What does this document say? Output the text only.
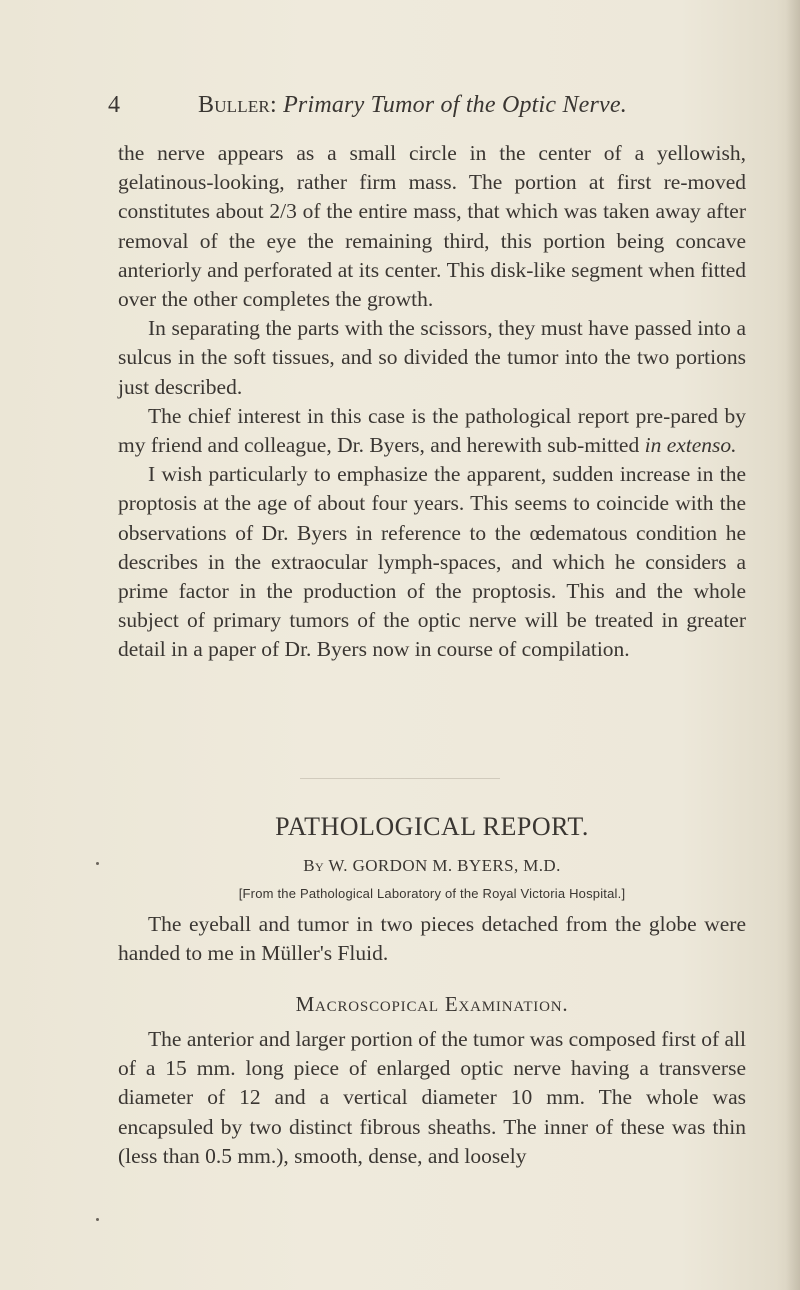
4	Buller: Primary Tumor of the Optic Nerve.

the nerve appears as a small circle in the center of a yellowish, gelatinous-looking, rather firm mass. The portion at first re-moved constitutes about 2/3 of the entire mass, that which was taken away after removal of the eye the remaining third, this portion being concave anteriorly and perforated at its center. This disk-like segment when fitted over the other completes the growth.

In separating the parts with the scissors, they must have passed into a sulcus in the soft tissues, and so divided the tumor into the two portions just described.

The chief interest in this case is the pathological report pre-pared by my friend and colleague, Dr. Byers, and herewith sub-mitted in extenso.

I wish particularly to emphasize the apparent, sudden increase in the proptosis at the age of about four years. This seems to coincide with the observations of Dr. Byers in reference to the œdematous condition he describes in the extraocular lymph-spaces, and which he considers a prime factor in the production of the proptosis. This and the whole subject of primary tumors of the optic nerve will be treated in greater detail in a paper of Dr. Byers now in course of compilation.

PATHOLOGICAL REPORT.
By W. GORDON M. BYERS, M.D.
[From the Pathological Laboratory of the Royal Victoria Hospital.]

The eyeball and tumor in two pieces detached from the globe were handed to me in Müller's Fluid.

Macroscopical Examination.

The anterior and larger portion of the tumor was composed first of all of a 15 mm. long piece of enlarged optic nerve having a transverse diameter of 12 and a vertical diameter 10 mm. The whole was encapsuled by two distinct fibrous sheaths. The inner of these was thin (less than 0.5 mm.), smooth, dense, and loosely
